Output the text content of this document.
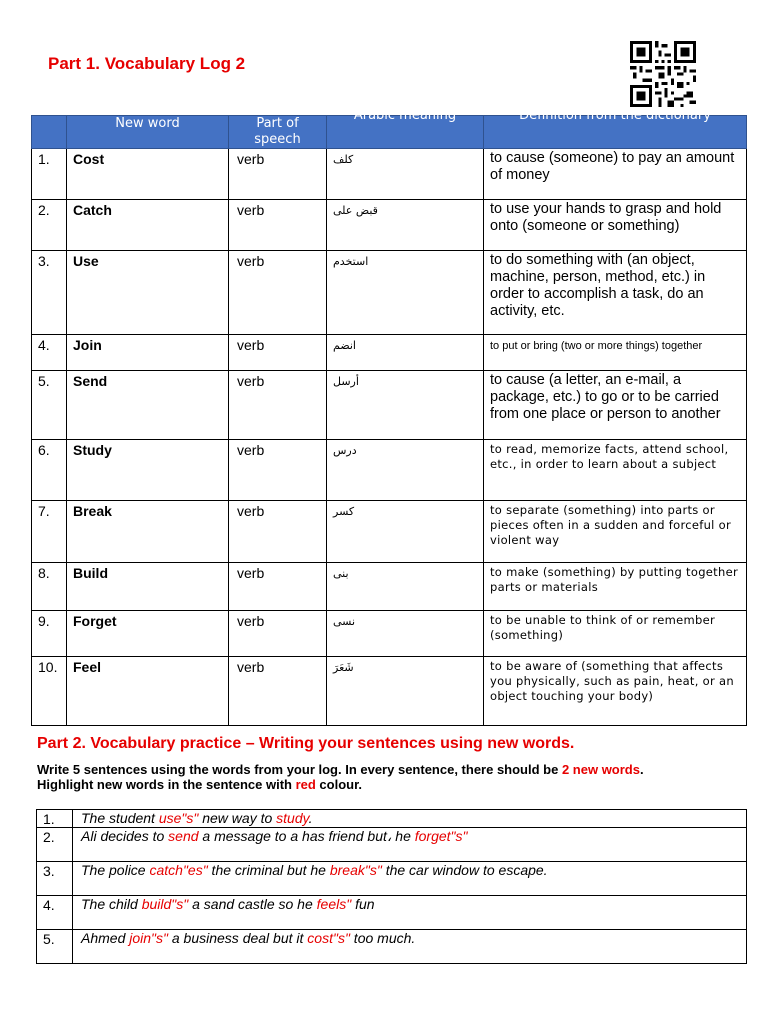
Part 1. Vocabulary Log 2

	New word	Part of speech	Arabic meaning	Definition from the dictionary

1.	Cost	verb	كلف	to cause (someone) to pay an amount of money
2.	Catch	verb	قبض على	to use your hands to grasp and hold onto (someone or something)
3.	Use	verb	استخدم	to do something with (an object, machine, person, method, etc.) in order to accomplish a task, do an activity, etc.
4.	Join	verb	انضم	to put or bring (two or more things) together
5.	Send	verb	أرسل	to cause (a letter, an e-mail, a package, etc.) to go or to be carried from one place or person to another
6.	Study	verb	درس	to read, memorize facts, attend school, etc., in order to learn about a subject
7.	Break	verb	كسر	to separate (something) into parts or pieces often in a sudden and forceful or violent way
8.	Build	verb	بنى	to make (something) by putting together parts or materials
9.	Forget	verb	نسى	to be unable to think of or remember (something)
10.	Feel	verb	شَعَرَ	to be aware of (something that affects you physically, such as pain, heat, or an object touching your body)
Part 2. Vocabulary practice – Writing your sentences using new words.
Write 5 sentences using the words from your log. In every sentence, there should be 2 new words.
Highlight new words in the sentence with red colour.
1.	The student use"s" new way to study.
2.	Ali decides to send a message to a has friend but، he forget"s"
3.	The police catch"es" the criminal but he break"s" the car window to escape.
4.	The child build"s" a sand castle so he feels" fun
5.	Ahmed join"s" a business deal but it cost"s" too much.
